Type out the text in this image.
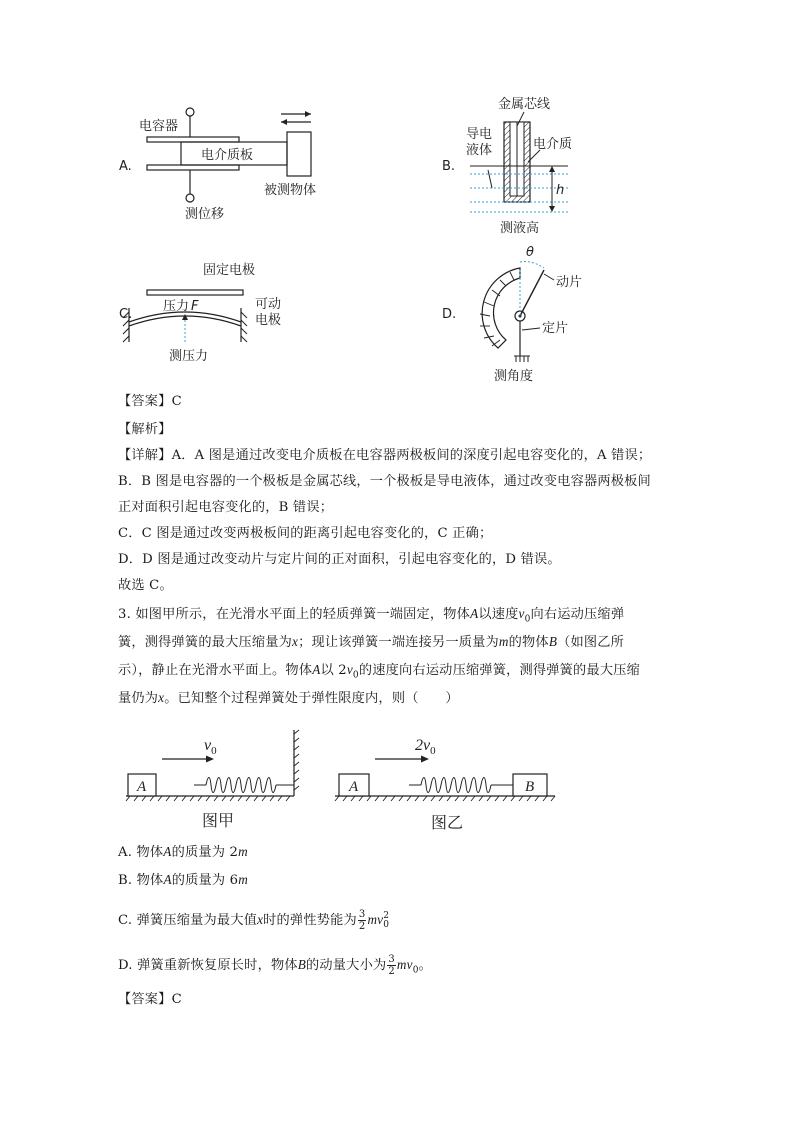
A.
电容器
电介质板
被测物体
测位移
B.
金属芯线
导电
液体	电介质
h
测液高
C.
固定电极
压力 F	可动
电极
测压力
D.
θ
动片
定片
测角度
【答案】C
【解析】
【详解】A．A 图是通过改变电介质板在电容器两极板间的深度引起电容变化的，A 错误；
B．B 图是电容器的一个极板是金属芯线，一个极板是导电液体，通过改变电容器两极板间
正对面积引起电容变化的，B 错误；
C．C 图是通过改变两极板间的距离引起电容变化的，C 正确；
D．D 图是通过改变动片与定片间的正对面积，引起电容变化的，D 错误。
故选 C。
3. 如图甲所示，在光滑水平面上的轻质弹簧一端固定，物体A以速度$v_0$向右运动压缩弹
簧，测得弹簧的最大压缩量为x；现让该弹簧一端连接另一质量为m的物体B（如图乙所
示），静止在光滑水平面上。物体A以 $2v_0$的速度向右运动压缩弹簧，测得弹簧的最大压缩
量仍为x。已知整个过程弹簧处于弹性限度内，则（　　）
$v_0$
A
图甲
$2v_0$
A	B
图乙
A. 物体A的质量为 2m
B. 物体A的质量为 6m
C. 弹簧压缩量为最大值x时的弹性势能为 $\frac{3}{2}$ mv 2
0
D. 弹簧重新恢复原长时，物体B的动量大小为 $\frac{3}{2} mv_0$。
【答案】C
